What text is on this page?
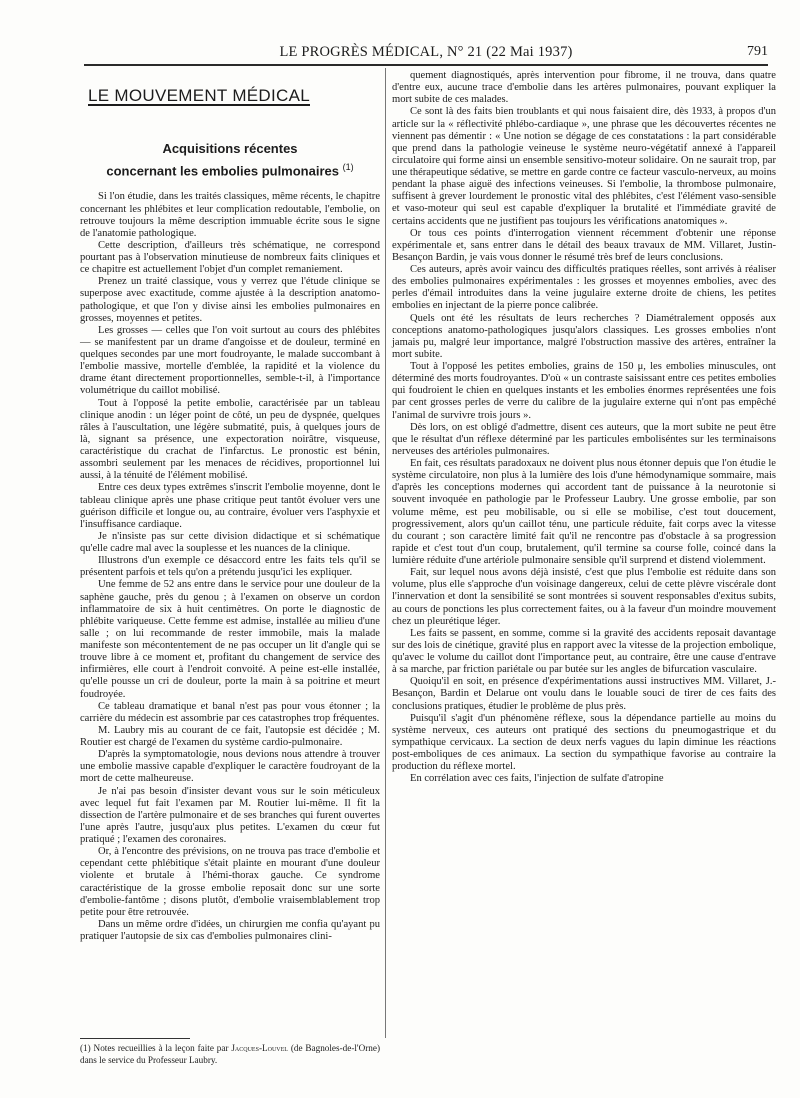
LE PROGRÈS MÉDICAL, N° 21 (22 Mai 1937)	791
LE MOUVEMENT MÉDICAL
Acquisitions récentes
concernant les embolies pulmonaires $^{(1)}$

Si l'on étudie, dans les traités classiques, même récents, le chapitre concernant les phlébites et leur complication redoutable, l'embolie, on retrouve toujours la même description immuable écrite sous le signe de l'anatomie pathologique.

Cette description, d'ailleurs très schématique, ne correspond pourtant pas à l'observation minutieuse de nombreux faits cliniques et ce chapitre est actuellement l'objet d'un complet remaniement.

Prenez un traité classique, vous y verrez que l'étude clinique se superpose avec exactitude, comme ajustée à la description anatomo-pathologique, et que l'on y divise ainsi les embolies pulmonaires en grosses, moyennes et petites.

Les grosses — celles que l'on voit surtout au cours des phlébites — se manifestent par un drame d'angoisse et de douleur, terminé en quelques secondes par une mort foudroyante, le malade succombant à l'embolie massive, mortelle d'emblée, la rapidité et la violence du drame étant directement proportionnelles, semble-t-il, à l'importance volumétrique du caillot mobilisé.

Tout à l'opposé la petite embolie, caractérisée par un tableau clinique anodin : un léger point de côté, un peu de dyspnée, quelques râles à l'auscultation, une légère submatité, puis, à quelques jours de là, signant sa présence, une expectoration noirâtre, visqueuse, caractéristique du crachat de l'infarctus. Le pronostic est bénin, assombri seulement par les menaces de récidives, proportionnel lui aussi, à la ténuité de l'élément mobilisé.

Entre ces deux types extrêmes s'inscrit l'embolie moyenne, dont le tableau clinique après une phase critique peut tantôt évoluer vers une guérison difficile et longue ou, au contraire, évoluer vers l'asphyxie et l'insuffisance cardiaque.

Je n'insiste pas sur cette division didactique et si schématique qu'elle cadre mal avec la souplesse et les nuances de la clinique.

Illustrons d'un exemple ce désaccord entre les faits tels qu'il se présentent parfois et tels qu'on a prétendu jusqu'ici les expliquer.

Une femme de 52 ans entre dans le service pour une douleur de la saphène gauche, près du genou ; à l'examen on observe un cordon inflammatoire de six à huit centimètres. On porte le diagnostic de phlébite variqueuse. Cette femme est admise, installée au milieu d'une salle ; on lui recommande de rester immobile, mais la malade manifeste son mécontentement de ne pas occuper un lit d'angle qui se trouve libre à ce moment et, profitant du changement de service des infirmières, elle court à l'endroit convoité. A peine est-elle installée, qu'elle pousse un cri de douleur, porte la main à sa poitrine et meurt foudroyée.

Ce tableau dramatique et banal n'est pas pour vous étonner ; la carrière du médecin est assombrie par ces catastrophes trop fréquentes.

M. Laubry mis au courant de ce fait, l'autopsie est décidée ; M. Routier est chargé de l'examen du système cardio-pulmonaire.

D'après la symptomatologie, nous devions nous attendre à trouver une embolie massive capable d'expliquer le caractère foudroyant de la mort de cette malheureuse.

Je n'ai pas besoin d'insister devant vous sur le soin méticuleux avec lequel fut fait l'examen par M. Routier lui-même. Il fit la dissection de l'artère pulmonaire et de ses branches qui furent ouvertes l'une après l'autre, jusqu'aux plus petites. L'examen du cœur fut pratiqué ; l'examen des coronaires.

Or, à l'encontre des prévisions, on ne trouva pas trace d'embolie et cependant cette phlébitique s'était plainte en mourant d'une douleur violente et brutale à l'hémi-thorax gauche. Ce syndrome caractéristique de la grosse embolie reposait donc sur une sorte d'embolie-fantôme ; disons plutôt, d'embolie vraisemblablement trop petite pour être retrouvée.

Dans un même ordre d'idées, un chirurgien me confia qu'ayant pu pratiquer l'autopsie de six cas d'embolies pulmonaires clini-

quement diagnostiqués, après intervention pour fibrome, il ne trouva, dans quatre d'entre eux, aucune trace d'embolie dans les artères pulmonaires, pouvant expliquer la mort subite de ces malades.

Ce sont là des faits bien troublants et qui nous faisaient dire, dès 1933, à propos d'un article sur la « réflectivité phlébo-cardiaque », une phrase que les découvertes récentes ne viennent pas démentir : « Une notion se dégage de ces constatations : la part considérable que prend dans la pathologie veineuse le système neuro-végétatif annexé à l'appareil circulatoire qui forme ainsi un ensemble sensitivo-moteur solidaire. On ne saurait trop, par une thérapeutique sédative, se mettre en garde contre ce facteur vasculo-nerveux, au moins pendant la phase aiguë des infections veineuses. Si l'embolie, la thrombose pulmonaire, suffisent à grever lourdement le pronostic vital des phlébites, c'est l'élément vaso-sensible et vaso-moteur qui seul est capable d'expliquer la brutalité et l'immédiate gravité de certains accidents que ne justifient pas toujours les vérifications anatomiques ».

Or tous ces points d'interrogation viennent récemment d'obtenir une réponse expérimentale et, sans entrer dans le détail des beaux travaux de MM. Villaret, Justin-Besançon Bardin, je vais vous donner le résumé très bref de leurs conclusions.

Ces auteurs, après avoir vaincu des difficultés pratiques réelles, sont arrivés à réaliser des embolies pulmonaires expérimentales : les grosses et moyennes embolies, avec des perles d'émail introduites dans la veine jugulaire externe droite de chiens, les petites embolies en injectant de la pierre ponce calibrée.

Quels ont été les résultats de leurs recherches ? Diamétralement opposés aux conceptions anatomo-pathologiques jusqu'alors classiques. Les grosses embolies n'ont jamais pu, malgré leur importance, malgré l'obstruction massive des artères, entraîner la mort subite.

Tout à l'opposé les petites embolies, grains de 150 μ, les embolies minuscules, ont déterminé des morts foudroyantes. D'où « un contraste saisissant entre ces petites embolies qui foudroient le chien en quelques instants et les embolies énormes représentées une fois par cent grosses perles de verre du calibre de la jugulaire externe qui n'ont pas empêché l'animal de survivre trois jours ».

Dès lors, on est obligé d'admettre, disent ces auteurs, que la mort subite ne peut être que le résultat d'un réflexe déterminé par les particules emboliséntes sur les terminaisons nerveuses des artérioles pulmonaires.

En fait, ces résultats paradoxaux ne doivent plus nous étonner depuis que l'on étudie le système circulatoire, non plus à la lumière des lois d'une hémodynamique sommaire, mais d'après les conceptions modernes qui accordent tant de puissance à la neurotonie si souvent invoquée en pathologie par le Professeur Laubry. Une grosse embolie, par son volume même, est peu mobilisable, ou si elle se mobilise, c'est tout doucement, progressivement, alors qu'un caillot ténu, une particule réduite, fait corps avec la vitesse du courant ; son caractère limité fait qu'il ne rencontre pas d'obstacle à sa progression rapide et c'est tout d'un coup, brutalement, qu'il termine sa course folle, coincé dans la lumière réduite d'une artériole pulmonaire sensible qu'il surprend et distend violemment.

Fait, sur lequel nous avons déjà insisté, c'est que plus l'embolie est réduite dans son volume, plus elle s'approche d'un voisinage dangereux, celui de cette plèvre viscérale dont l'innervation et dont la sensibilité se sont montrées si souvent responsables d'exitus subits, au cours de ponctions les plus correctement faites, ou à la faveur d'un moindre mouvement chez un pleurétique léger.

Les faits se passent, en somme, comme si la gravité des accidents reposait davantage sur des lois de cinétique, gravité plus en rapport avec la vitesse de la projection embolique, qu'avec le volume du caillot dont l'importance peut, au contraire, être une cause d'entrave à sa marche, par friction pariétale ou par butée sur les angles de bifurcation vasculaire.

Quoiqu'il en soit, en présence d'expérimentations aussi instructives MM. Villaret, J.-Besançon, Bardin et Delarue ont voulu dans le louable souci de tirer de ces faits des conclusions pratiques, étudier le problème de plus près.

Puisqu'il s'agit d'un phénomène réflexe, sous la dépendance partielle au moins du système nerveux, ces auteurs ont pratiqué des sections du pneumogastrique et du sympathique cervicaux. La section de deux nerfs vagues du lapin diminue les réactions post-emboliques de ces animaux. La section du sympathique favorise au contraire la production du réflexe mortel.

En corrélation avec ces faits, l'injection de sulfate d'atropine

(1) Notes recueillies à la leçon faite par Jacques-Louvel (de Bagnoles-de-l'Orne) dans le service du Professeur Laubry.
